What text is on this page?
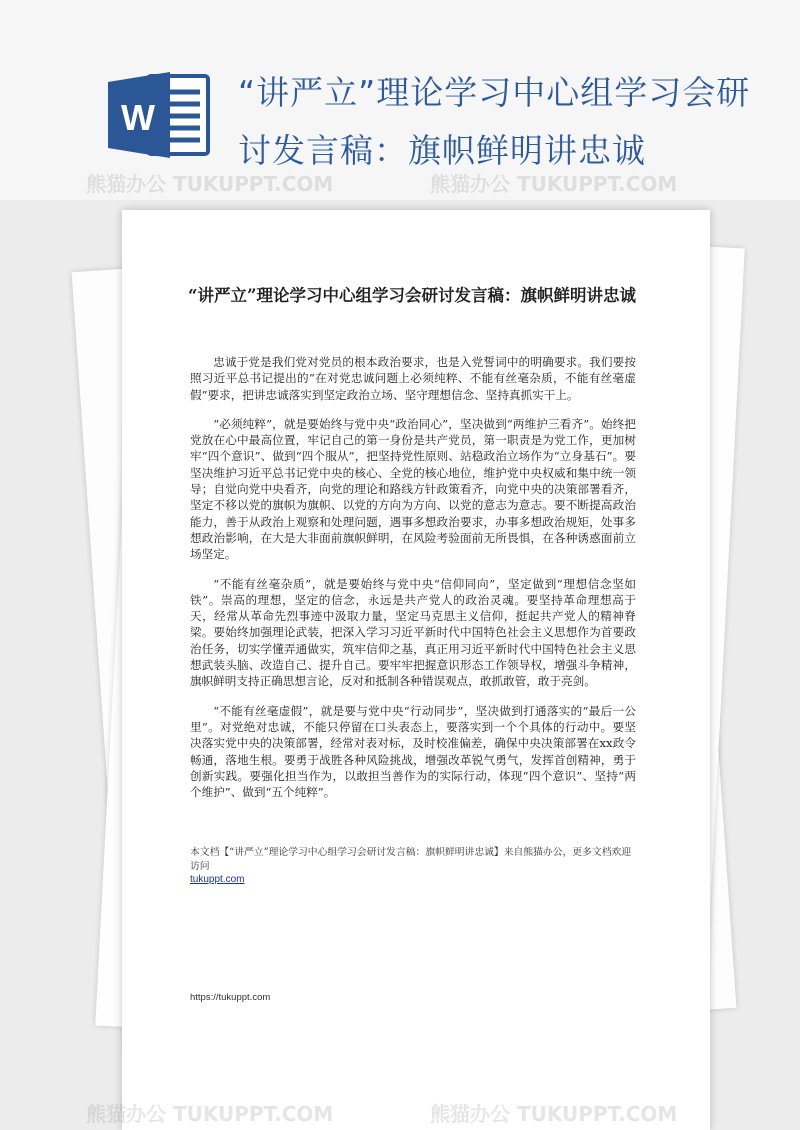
W
“讲严立”理论学习中心组学习会研讨发言稿：旗帜鲜明讲忠诚
熊猫办公 TUKUPPT.COM	熊猫办公 TUKUPPT.COM
“讲严立”理论学习中心组学习会研讨发言稿：旗帜鲜明讲忠诚

忠诚于党是我们党对党员的根本政治要求，也是入党誓词中的明确要求。我们要按照习近平总书记提出的“在对党忠诚问题上必须纯粹、不能有丝毫杂质，不能有丝毫虚假”要求，把讲忠诚落实到坚定政治立场、坚守理想信念、坚持真抓实干上。

“必须纯粹”，就是要始终与党中央“政治同心”，坚决做到“两维护三看齐”。始终把党放在心中最高位置，牢记自己的第一身份是共产党员，第一职责是为党工作，更加树牢“四个意识”、做到“四个服从”，把坚持党性原则、站稳政治立场作为“立身基石”。要坚决维护习近平总书记党中央的核心、全党的核心地位，维护党中央权威和集中统一领导；自觉向党中央看齐，向党的理论和路线方针政策看齐，向党中央的决策部署看齐，坚定不移以党的旗帜为旗帜、以党的方向为方向、以党的意志为意志。要不断提高政治能力，善于从政治上观察和处理问题，遇事多想政治要求，办事多想政治规矩，处事多想政治影响，在大是大非面前旗帜鲜明，在风险考验面前无所畏惧，在各种诱惑面前立场坚定。

“不能有丝毫杂质”，就是要始终与党中央“信仰同向”，坚定做到“理想信念坚如铁”。崇高的理想，坚定的信念，永远是共产党人的政治灵魂。要坚持革命理想高于天，经常从革命先烈事迹中汲取力量，坚定马克思主义信仰，挺起共产党人的精神脊梁。要始终加强理论武装，把深入学习习近平新时代中国特色社会主义思想作为首要政治任务，切实学懂弄通做实，筑牢信仰之基，真正用习近平新时代中国特色社会主义思想武装头脑、改造自己、提升自己。要牢牢把握意识形态工作领导权，增强斗争精神，旗帜鲜明支持正确思想言论，反对和抵制各种错误观点，敢抓敢管，敢于亮剑。

“不能有丝毫虚假”，就是要与党中央“行动同步”，坚决做到打通落实的“最后一公里”。对党绝对忠诚，不能只停留在口头表态上，要落实到一个个具体的行动中。要坚决落实党中央的决策部署，经常对表对标，及时校准偏差，确保中央决策部署在xx政令畅通，落地生根。要勇于战胜各种风险挑战，增强改革锐气勇气，发挥首创精神，勇于创新实践。要强化担当作为，以敢担当善作为的实际行动，体现“四个意识”、坚持“两个维护”、做到“五个纯粹”。

本文档【“讲严立”理论学习中心组学习会研讨发言稿：旗帜鲜明讲忠诚】来自熊猫办公，更多文档欢迎访问
tukuppt.com
https://tukuppt.com
熊猫办公 TUKUPPT.COM	熊猫办公 TUKUPPT.COM
